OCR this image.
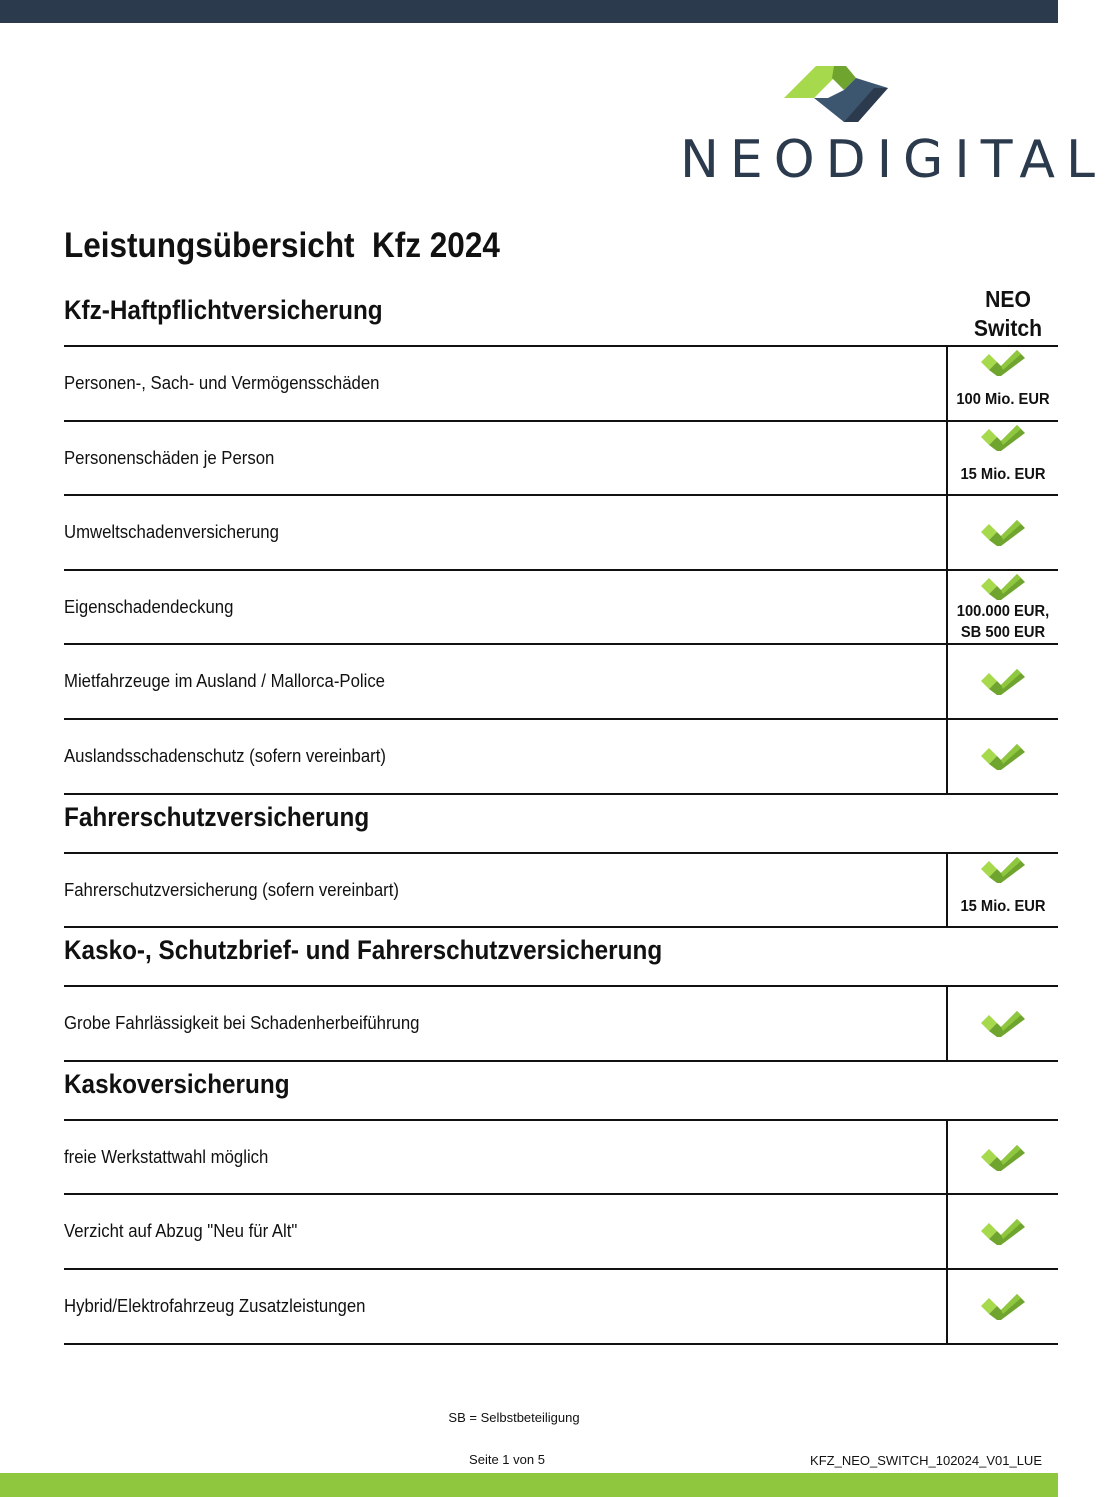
NEODIGITAL
Leistungsübersicht  Kfz 2024
NEO
Switch
Kfz-Haftpflichtversicherung
Personen-, Sach- und Vermögensschäden
100 Mio. EUR
Personenschäden je Person
15 Mio. EUR
Umweltschadenversicherung
Eigenschadendeckung	100.000 EUR,
SB 500 EUR
Mietfahrzeuge im Ausland / Mallorca-Police
Auslandsschadenschutz (sofern vereinbart)
Fahrerschutzversicherung
Fahrerschutzversicherung (sofern vereinbart)
15 Mio. EUR
Kasko-, Schutzbrief- und Fahrerschutzversicherung
Grobe Fahrlässigkeit bei Schadenherbeiführung
Kaskoversicherung
freie Werkstattwahl möglich
Verzicht auf Abzug "Neu für Alt"
Hybrid/Elektrofahrzeug Zusatzleistungen
SB = Selbstbeteiligung
Seite 1 von 5	KFZ_NEO_SWITCH_102024_V01_LUE
